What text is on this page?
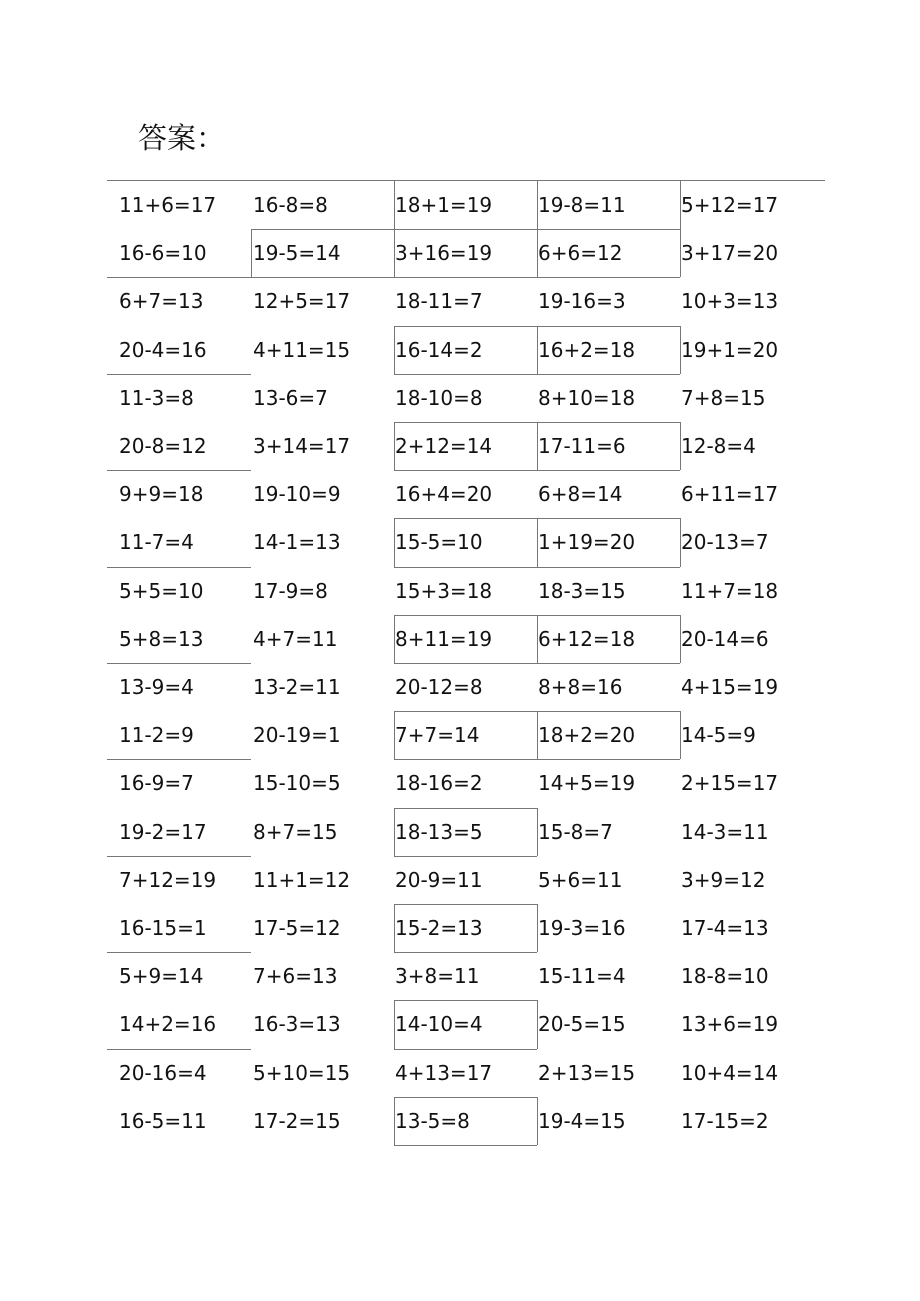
答案：
11+6=17 16-8=8	18+1=19 19-8=11	5+12=17
16-6=10 19-5=14	3+16=19 6+6=12	3+17=20
6+7=13 12+5=17 18-11=7	19-16=3	10+3=13
20-4=16 4+11=15 16-14=2	16+2=18 19+1=20
11-3=8	13-6=7	18-10=8	8+10=18 7+8=15
20-8=12 3+14=17 2+12=14 17-11=6	12-8=4
9+9=18 19-10=9	16+4=20 6+8=14	6+11=17
11-7=4	14-1=13	15-5=10	1+19=20 20-13=7
5+5=10 17-9=8	15+3=18 18-3=15	11+7=18
5+8=13 4+7=11	8+11=19 6+12=18 20-14=6
13-9=4	13-2=11	20-12=8	8+8=16	4+15=19
11-2=9	20-19=1	7+7=14	18+2=20 14-5=9
16-9=7	15-10=5	18-16=2	14+5=19 2+15=17
19-2=17 8+7=15	18-13=5	15-8=7	14-3=11
7+12=19 11+1=12 20-9=11	5+6=11	3+9=12
16-15=1 17-5=12	15-2=13	19-3=16	17-4=13
5+9=14 7+6=13	3+8=11	15-11=4	18-8=10
14+2=16 16-3=13	14-10=4	20-5=15	13+6=19
20-16=4 5+10=15 4+13=17 2+13=15 10+4=14
16-5=11 17-2=15	13-5=8	19-4=15	17-15=2
